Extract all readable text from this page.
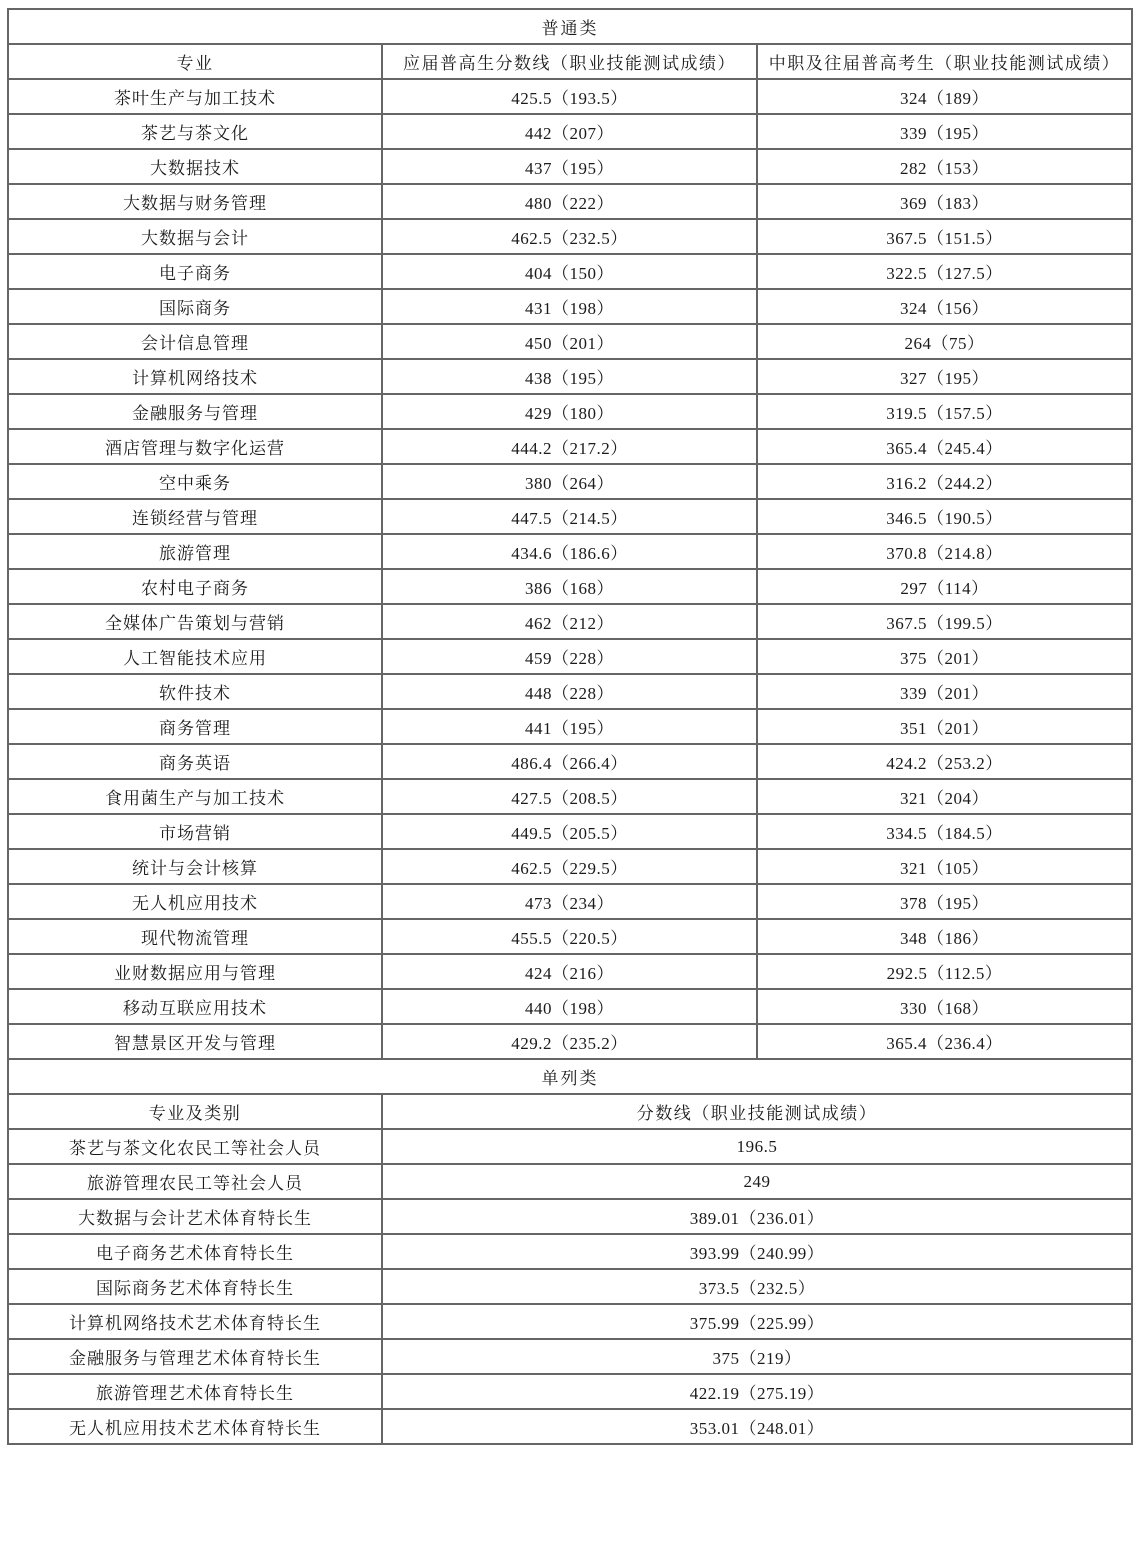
普通类		
专业	应届普高生分数线（职业技能测试成绩）	中职及往届普高考生（职业技能测试成绩）
茶叶生产与加工技术	425.5（193.5）	324（189）
茶艺与茶文化	442（207）	339（195）
大数据技术	437（195）	282（153）
大数据与财务管理	480（222）	369（183）
大数据与会计	462.5（232.5）	367.5（151.5）
电子商务	404（150）	322.5（127.5）
国际商务	431（198）	324（156）
会计信息管理	450（201）	264（75）
计算机网络技术	438（195）	327（195）
金融服务与管理	429（180）	319.5（157.5）
酒店管理与数字化运营	444.2（217.2）	365.4（245.4）
空中乘务	380（264）	316.2（244.2）
连锁经营与管理	447.5（214.5）	346.5（190.5）
旅游管理	434.6（186.6）	370.8（214.8）
农村电子商务	386（168）	297（114）
全媒体广告策划与营销	462（212）	367.5（199.5）
人工智能技术应用	459（228）	375（201）
软件技术	448（228）	339（201）
商务管理	441（195）	351（201）
商务英语	486.4（266.4）	424.2（253.2）
食用菌生产与加工技术	427.5（208.5）	321（204）
市场营销	449.5（205.5）	334.5（184.5）
统计与会计核算	462.5（229.5）	321（105）
无人机应用技术	473（234）	378（195）
现代物流管理	455.5（220.5）	348（186）
业财数据应用与管理	424（216）	292.5（112.5）
移动互联应用技术	440（198）	330（168）
智慧景区开发与管理	429.2（235.2）	365.4（236.4）
单列类		
专业及类别	分数线（职业技能测试成绩）	
茶艺与茶文化农民工等社会人员	196.5	
旅游管理农民工等社会人员	249	
大数据与会计艺术体育特长生	389.01（236.01）	
电子商务艺术体育特长生	393.99（240.99）	
国际商务艺术体育特长生	373.5（232.5）	
计算机网络技术艺术体育特长生	375.99（225.99）	
金融服务与管理艺术体育特长生	375（219）	
旅游管理艺术体育特长生	422.19（275.19）	
无人机应用技术艺术体育特长生	353.01（248.01）	
